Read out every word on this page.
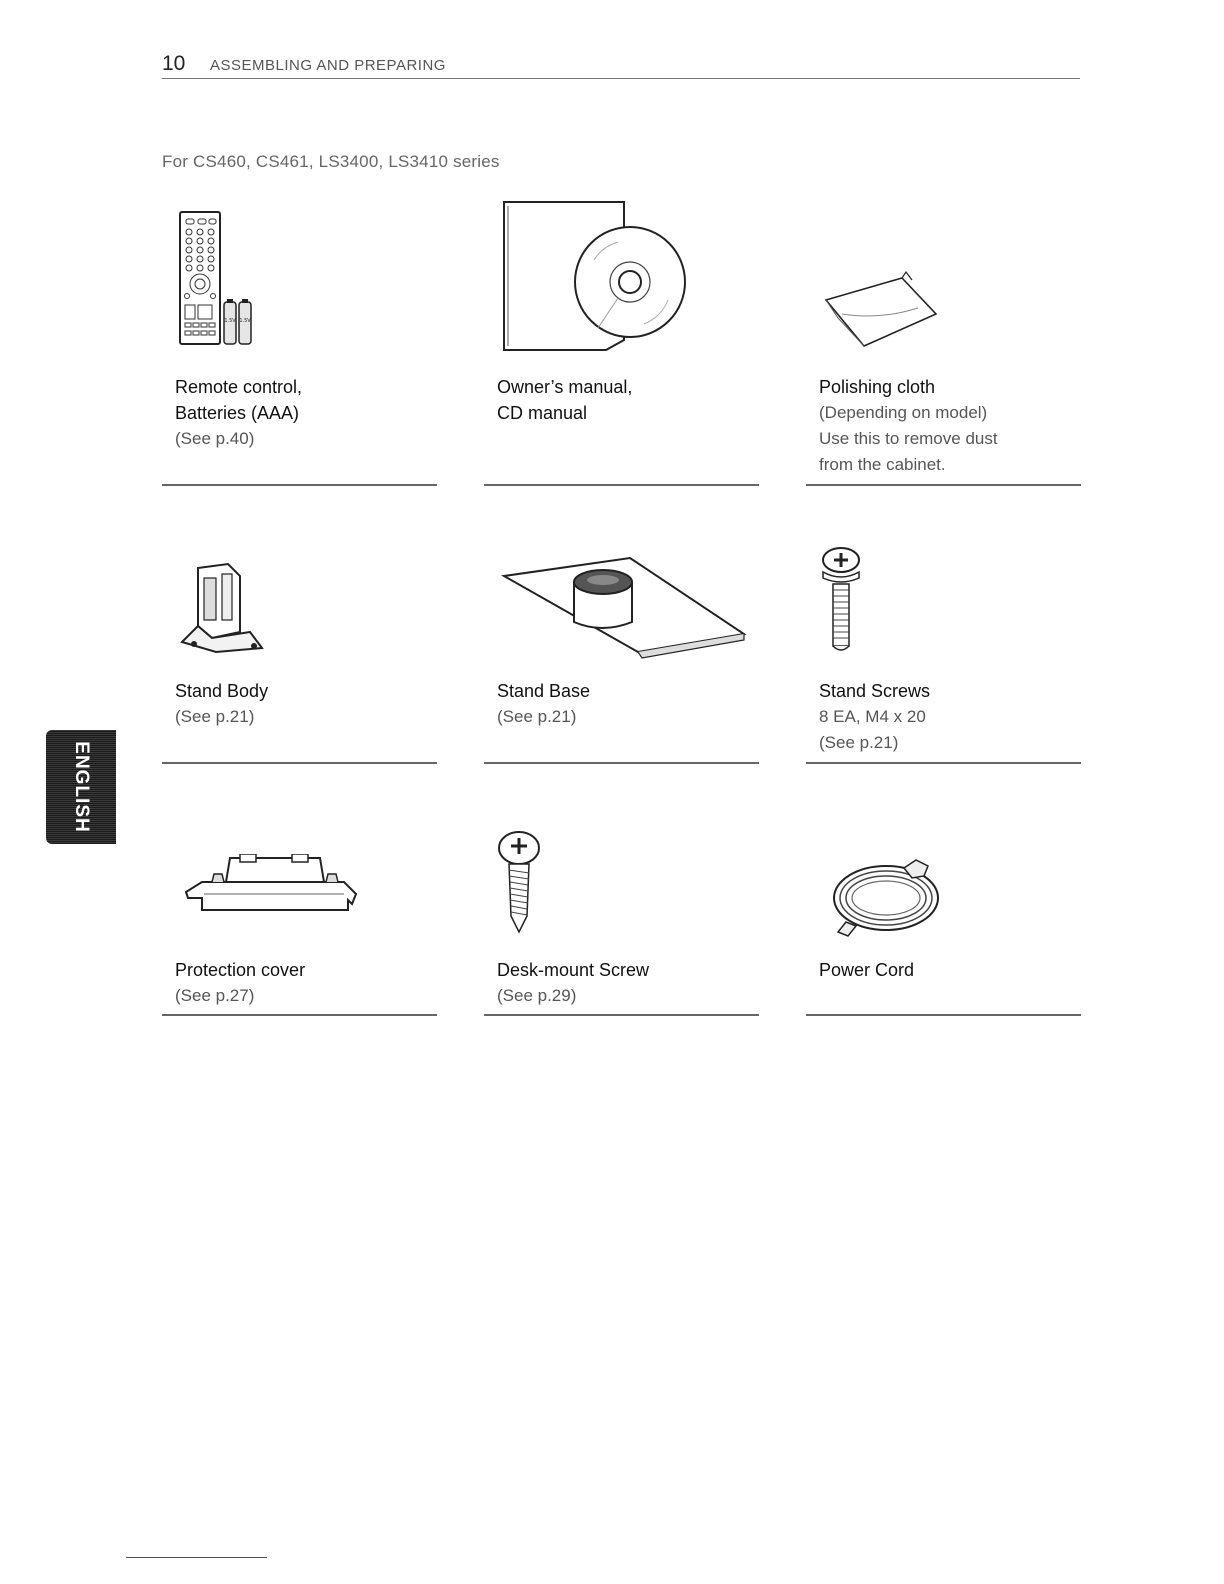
10 ASSEMBLING AND PREPARING
For CS460, CS461, LS3400, LS3410 series
ENGLISH
1.5V 1.5V
Remote control,
Batteries (AAA)
(See p.40)
Owner’s manual,
CD manual
Polishing cloth
(Depending on model)
Use this to remove dust
from the cabinet.
Stand Body
(See p.21)
Stand Base
(See p.21)
Stand Screws
8 EA, M4 x 20
(See p.21)
Protection cover
(See p.27)
Desk-mount Screw
(See p.29)
Power Cord
